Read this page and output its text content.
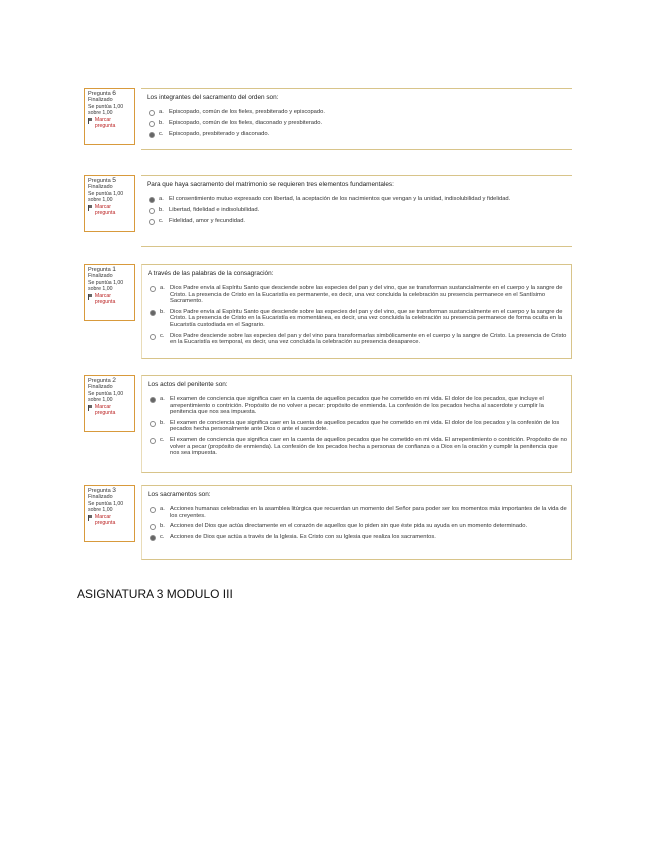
Pregunta 6
Finalizado
Se puntúa 1,00 sobre 1,00
Marcar pregunta
Los integrantes del sacramento del orden son:
a. Episcopado, común de los fieles, presbiterado y episcopado.
b. Episcopado, común de los fieles, diaconado y presbiterado.
c. Episcopado, presbiterado y diaconado.
Pregunta 5
Finalizado
Se puntúa 1,00 sobre 1,00
Marcar pregunta
Para que haya sacramento del matrimonio se requieren tres elementos fundamentales:
a. El consentimiento mutuo expresado con libertad, la aceptación de los nacimientos que vengan y la unidad, indisolubilidad y fidelidad.
b. Libertad, fidelidad e indisolubilidad.
c. Fidelidad, amor y fecundidad.
Pregunta 1
Finalizado
Se puntúa 1,00 sobre 1,00
Marcar pregunta
A través de las palabras de la consagración:
a. Dios Padre envía al Espíritu Santo que desciende sobre las especies del pan y del vino, que se transforman sustancialmente en el cuerpo y la sangre de Cristo. La presencia de Cristo en la Eucaristía es permanente, es decir, una vez concluida la celebración su presencia permanece en el Santísimo Sacramento.
b. Dios Padre envía al Espíritu Santo que desciende sobre las especies del pan y del vino, que se transforman sustancialmente en el cuerpo y la sangre de Cristo. La presencia de Cristo en la Eucaristía es momentánea, es decir, una vez concluida la celebración su presencia permanece de forma oculta en la Eucaristía custodiada en el Sagrario.
c. Dios Padre desciende sobre las especies del pan y del vino para transformarlas simbólicamente en el cuerpo y la sangre de Cristo. La presencia de Cristo en la Eucaristía es temporal, es decir, una vez concluida la celebración su presencia desaparece.
Pregunta 2
Finalizado
Se puntúa 1,00 sobre 1,00
Marcar pregunta
Los actos del penitente son:
a. El examen de conciencia que significa caer en la cuenta de aquellos pecados que he cometido en mi vida. El dolor de los pecados, que incluye el arrepentimiento o contrición. Propósito de no volver a pecar: propósito de enmienda. La confesión de los pecados hecha al sacerdote y cumplir la penitencia que nos sea impuesta.
b. El examen de conciencia que significa caer en la cuenta de aquellos pecados que he cometido en mi vida. El dolor de los pecados y la confesión de los pecados hecha personalmente ante Dios o ante el sacerdote.
c. El examen de conciencia que significa caer en la cuenta de aquellos pecados que he cometido en mi vida. El arrepentimiento o contrición. Propósito de no volver a pecar (propósito de enmienda). La confesión de los pecados hecha a personas de confianza o a Dios en la oración y cumplir la penitencia que nos sea impuesta.
Pregunta 3
Finalizado
Se puntúa 1,00 sobre 1,00
Marcar pregunta
Los sacramentos son:
a. Acciones humanas celebradas en la asamblea litúrgica que recuerdan un momento del Señor para poder ser los momentos más importantes de la vida de los creyentes.
b. Acciones del Dios que actúa directamente en el corazón de aquellos que lo piden sin que éste pida su ayuda en un momento determinado.
c. Acciones de Dios que actúa a través de la Iglesia. Es Cristo con su Iglesia que realiza los sacramentos.
ASIGNATURA 3 MODULO III
